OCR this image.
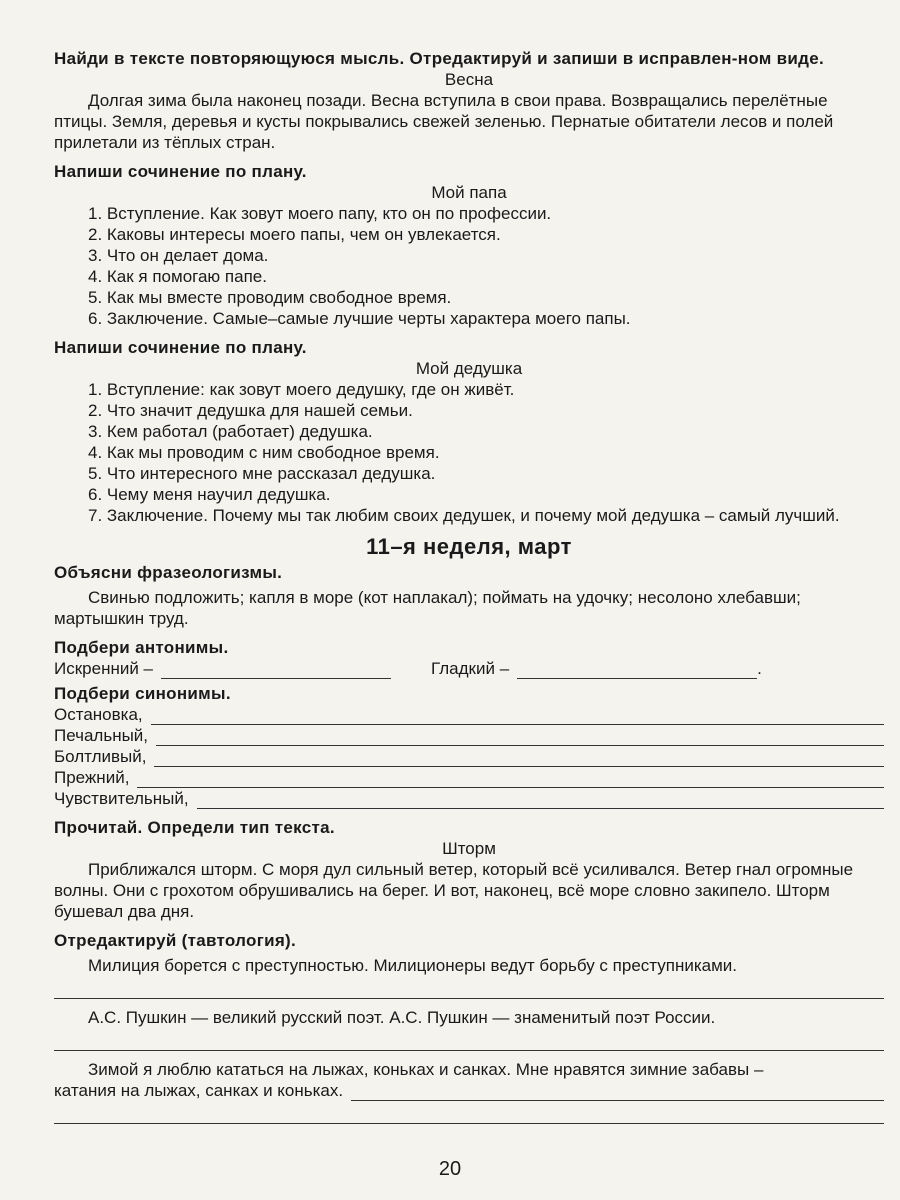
Найди в тексте повторяющуюся мысль. Отредактируй и запиши в исправлен-ном виде.

Весна
Долгая зима была наконец позади. Весна вступила в свои права. Возвращались перелётные птицы. Земля, деревья и кусты покрывались свежей зеленью. Пернатые обитатели лесов и полей прилетали из тёплых стран.

Напиши сочинение по плану.

Мой папа
1. Вступление. Как зовут моего папу, кто он по профессии.
2. Каковы интересы моего папы, чем он увлекается.
3. Что он делает дома.
4. Как я помогаю папе.
5. Как мы вместе проводим свободное время.
6. Заключение. Самые–самые лучшие черты характера моего папы.

Напиши сочинение по плану.

Мой дедушка
1. Вступление: как зовут моего дедушку, где он живёт.
2. Что значит дедушка для нашей семьи.
3. Кем работал (работает) дедушка.
4. Как мы проводим с ним свободное время.
5. Что интересного мне рассказал дедушка.
6. Чему меня научил дедушка.
7. Заключение. Почему мы так любим своих дедушек, и почему мой дедушка – самый лучший.
11–я неделя, март

Объясни фразеологизмы.

Свинью подложить; капля в море (кот наплакал); поймать на удочку; несолоно хлебавши; мартышкин труд.

Подбери антонимы.

Искренний –	Гладкий –	.

Подбери синонимы.

Остановка,
Печальный,
Болтливый,
Прежний,
Чувствительный,

Прочитай. Определи тип текста.

Шторм
Приближался шторм. С моря дул сильный ветер, который всё усиливался. Ветер гнал огромные волны. Они с грохотом обрушивались на берег. И вот, наконец, всё море словно закипело. Шторм бушевал два дня.

Отредактируй (тавтология).

Милиция борется с преступностью. Милиционеры ведут борьбу с преступниками.
А.С. Пушкин — великий русский поэт. А.С. Пушкин — знаменитый поэт России.
Зимой я люблю кататься на лыжах, коньках и санках. Мне нравятся зимние забавы –
катания на лыжах, санках и коньках.
20
